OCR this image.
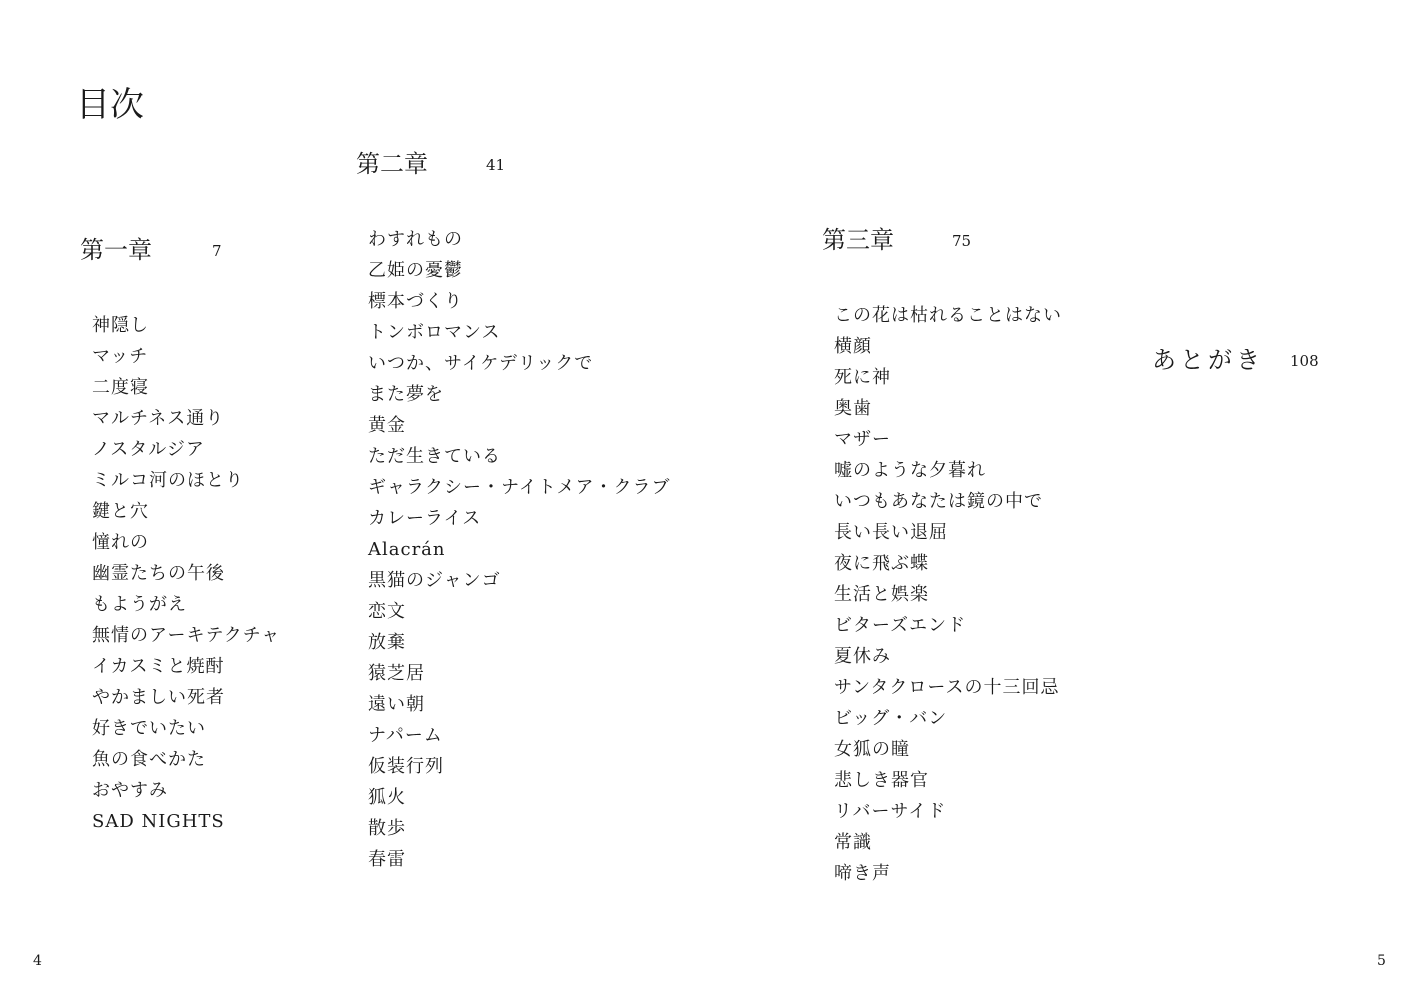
目次
第一章	7
神隠し
マッチ
二度寝
マルチネス通り
ノスタルジア
ミルコ河のほとり
鍵と穴
憧れの
幽霊たちの午後
もようがえ
無情のアーキテクチャ
イカスミと焼酎
やかましい死者
好きでいたい
魚の食べかた
おやすみ
SAD NIGHTS
第二章	41
わすれもの
乙姫の憂鬱
標本づくり
トンボロマンス
いつか、サイケデリックで
また夢を
黄金
ただ生きている
ギャラクシー・ナイトメア・クラブ
カレーライス
Alacrán
黒猫のジャンゴ
恋文
放棄
猿芝居
遠い朝
ナパーム
仮装行列
狐火
散歩
春雷
第三章	75
この花は枯れることはない
横顔
死に神
奥歯
マザー
嘘のような夕暮れ
いつもあなたは鏡の中で
長い長い退屈
夜に飛ぶ蝶
生活と娯楽
ビターズエンド
夏休み
サンタクロースの十三回忌
ビッグ・バン
女狐の瞳
悲しき器官
リバーサイド
常識
啼き声
あとがき 108
4	5
